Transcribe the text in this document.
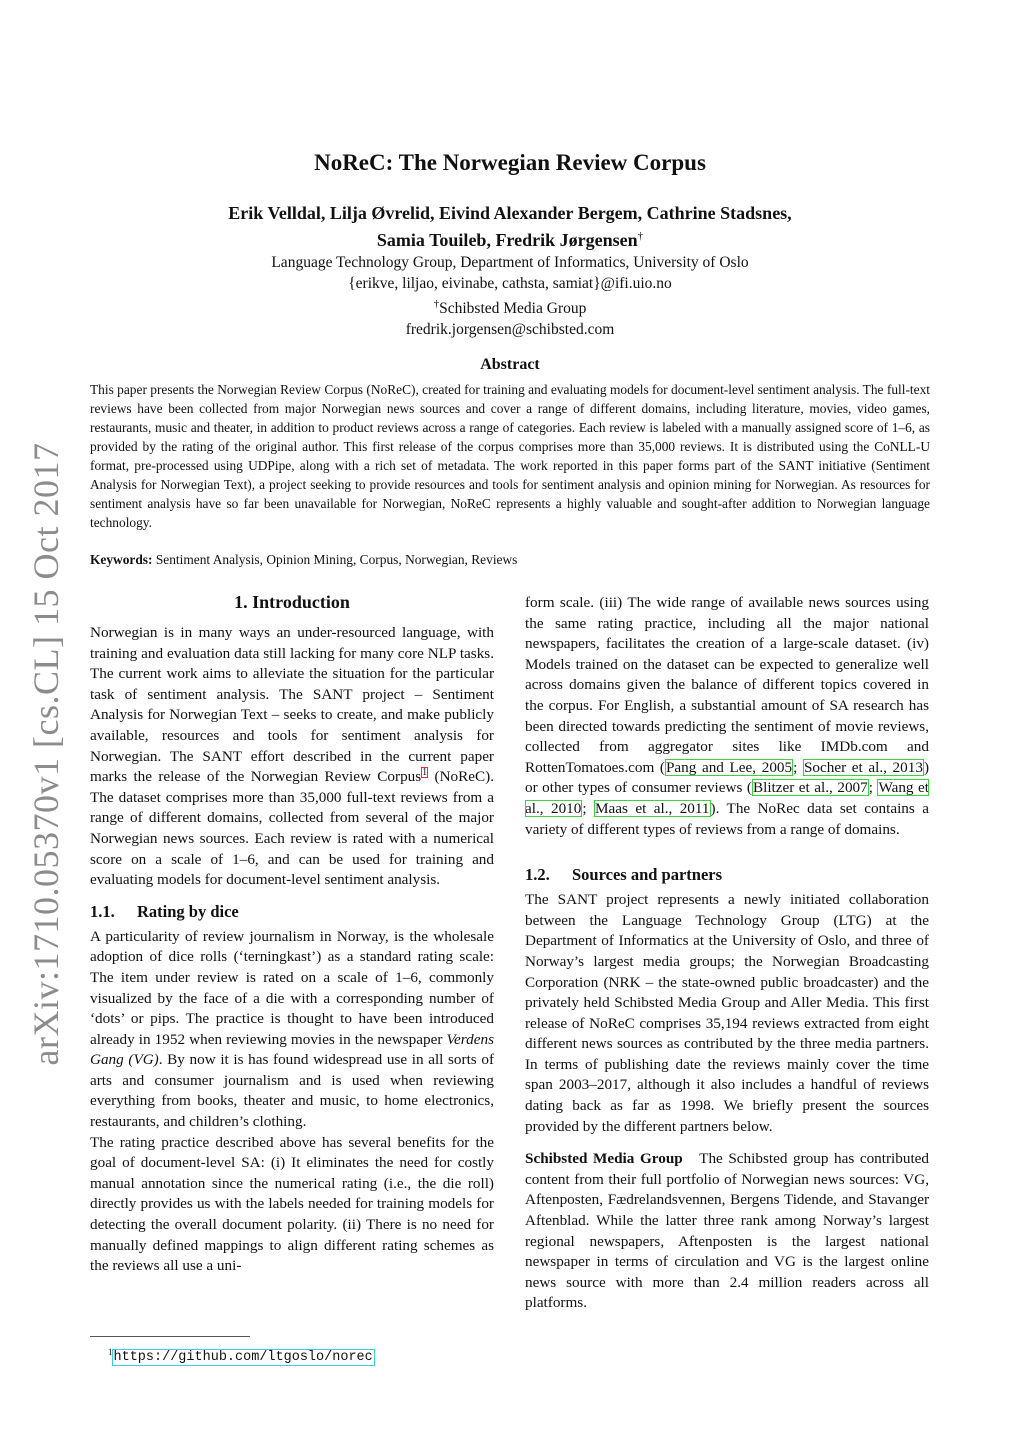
arXiv:1710.05370v1 [cs.CL] 15 Oct 2017
NoReC: The Norwegian Review Corpus
Erik Velldal, Lilja Øvrelid, Eivind Alexander Bergem, Cathrine Stadsnes,
Samia Touileb, Fredrik Jørgensen†
Language Technology Group, Department of Informatics, University of Oslo
{erikve, liljao, eivinabe, cathsta, samiat}@ifi.uio.no
†Schibsted Media Group
fredrik.jorgensen@schibsted.com
Abstract

This paper presents the Norwegian Review Corpus (NoReC), created for training and evaluating models for document-level sentiment analysis. The full-text reviews have been collected from major Norwegian news sources and cover a range of different domains, including literature, movies, video games, restaurants, music and theater, in addition to product reviews across a range of categories. Each review is labeled with a manually assigned score of 1–6, as provided by the rating of the original author. This first release of the corpus comprises more than 35,000 reviews. It is distributed using the CoNLL-U format, pre-processed using UDPipe, along with a rich set of metadata. The work reported in this paper forms part of the SANT initiative (Sentiment Analysis for Norwegian Text), a project seeking to provide resources and tools for sentiment analysis and opinion mining for Norwegian. As resources for sentiment analysis have so far been unavailable for Norwegian, NoReC represents a highly valuable and sought-after addition to Norwegian language technology.

Keywords: Sentiment Analysis, Opinion Mining, Corpus, Norwegian, Reviews

1. Introduction

Norwegian is in many ways an under-resourced language, with training and evaluation data still lacking for many core NLP tasks. The current work aims to alleviate the situation for the particular task of sentiment analysis. The SANT project – Sentiment Analysis for Norwegian Text – seeks to create, and make publicly available, resources and tools for sentiment analysis for Norwegian. The SANT effort described in the current paper marks the release of the Norwegian Review Corpus$^1$ (NoReC). The dataset comprises more than 35,000 full-text reviews from a range of different domains, collected from several of the major Norwegian news sources. Each review is rated with a numerical score on a scale of 1–6, and can be used for training and evaluating models for document-level sentiment analysis.

1.1. Rating by dice

A particularity of review journalism in Norway, is the wholesale adoption of dice rolls (‘terningkast’) as a standard rating scale: The item under review is rated on a scale of 1–6, commonly visualized by the face of a die with a corresponding number of ‘dots’ or pips. The practice is thought to have been introduced already in 1952 when reviewing movies in the newspaper Verdens Gang (VG). By now it is has found widespread use in all sorts of arts and consumer journalism and is used when reviewing everything from books, theater and music, to home electronics, restaurants, and children’s clothing.

The rating practice described above has several benefits for the goal of document-level SA: (i) It eliminates the need for costly manual annotation since the numerical rating (i.e., the die roll) directly provides us with the labels needed for training models for detecting the overall document polarity. (ii) There is no need for manually defined mappings to align different rating schemes as the reviews all use a uni-

form scale. (iii) The wide range of available news sources using the same rating practice, including all the major national newspapers, facilitates the creation of a large-scale dataset. (iv) Models trained on the dataset can be expected to generalize well across domains given the balance of different topics covered in the corpus. For English, a substantial amount of SA research has been directed towards predicting the sentiment of movie reviews, collected from aggregator sites like IMDb.com and RottenTomatoes.com (Pang and Lee, 2005; Socher et al., 2013) or other types of consumer reviews (Blitzer et al., 2007; Wang et al., 2010; Maas et al., 2011). The NoRec data set contains a variety of different types of reviews from a range of domains.

1.2. Sources and partners

The SANT project represents a newly initiated collaboration between the Language Technology Group (LTG) at the Department of Informatics at the University of Oslo, and three of Norway’s largest media groups; the Norwegian Broadcasting Corporation (NRK – the state-owned public broadcaster) and the privately held Schibsted Media Group and Aller Media. This first release of NoReC comprises 35,194 reviews extracted from eight different news sources as contributed by the three media partners. In terms of publishing date the reviews mainly cover the time span 2003–2017, although it also includes a handful of reviews dating back as far as 1998. We briefly present the sources provided by the different partners below.

Schibsted Media Group   The Schibsted group has contributed content from their full portfolio of Norwegian news sources: VG, Aftenposten, Fædrelandsvennen, Bergens Tidende, and Stavanger Aftenblad. While the latter three rank among Norway’s largest regional newspapers, Aftenposten is the largest national newspaper in terms of circulation and VG is the largest online news source with more than 2.4 million readers across all platforms.

$^1$https://github.com/ltgoslo/norec
